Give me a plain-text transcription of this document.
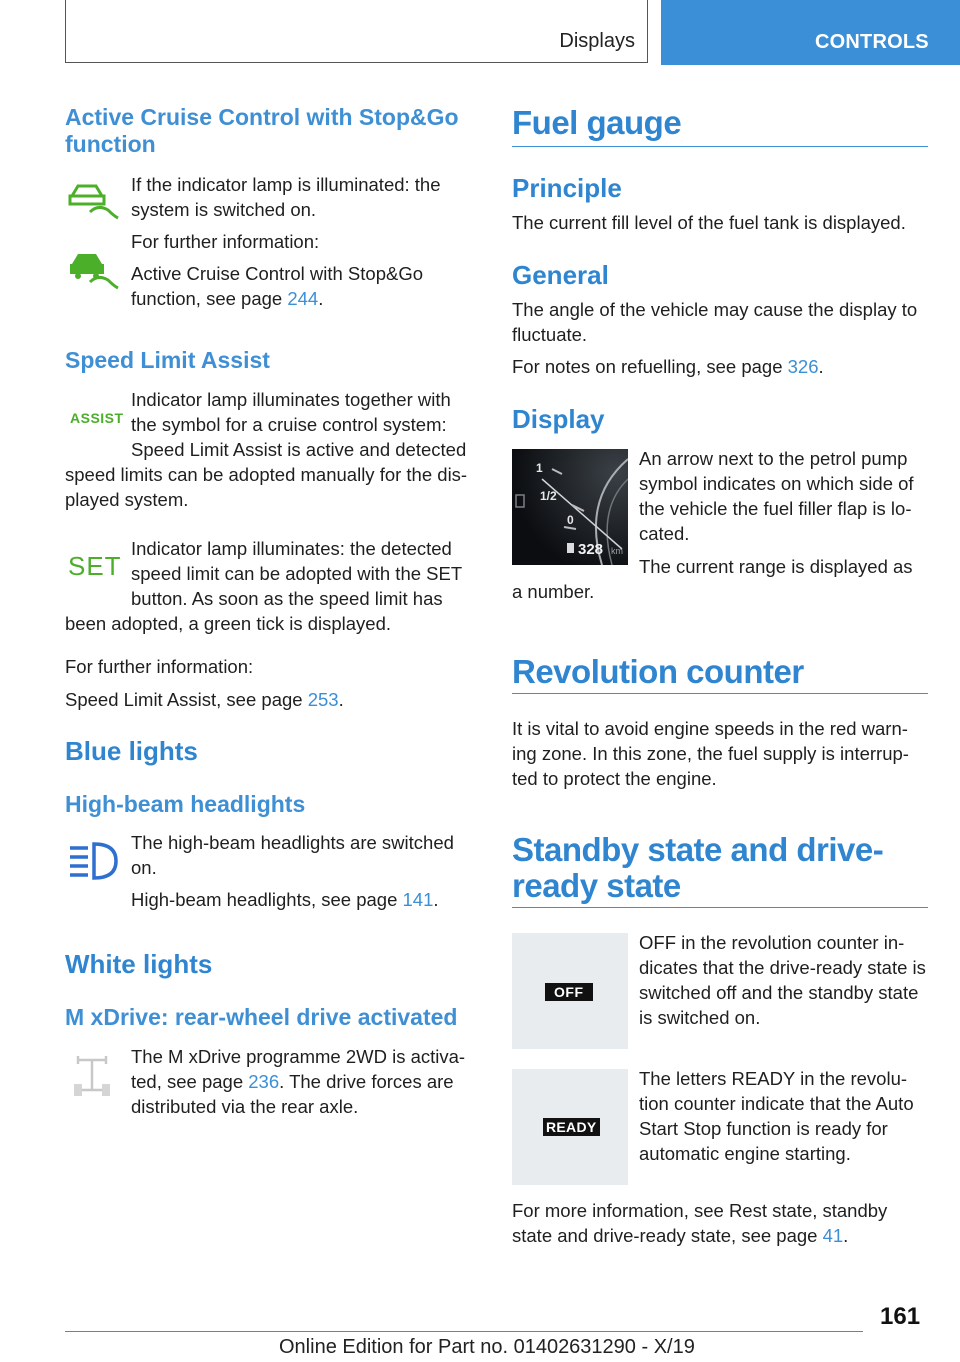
Displays	CONTROLS
Active Cruise Control with Stop&Go function
If the indicator lamp is illuminated: the system is switched on.
For further information:
Active Cruise Control with Stop&Go function, see page 244.
Speed Limit Assist
ASSIST
Indicator lamp illuminates together with
the symbol for a cruise control system:
Speed Limit Assist is active and detected
speed limits can be adopted manually for the dis-
played system.
SET
Indicator lamp illuminates: the detected
speed limit can be adopted with the SET
button. As soon as the speed limit has
been adopted, a green tick is displayed.
For further information:
Speed Limit Assist, see page 253.
Blue lights
High-beam headlights
The high-beam headlights are switched on.
High-beam headlights, see page 141.
White lights
M xDrive: rear-wheel drive activated
The M xDrive programme 2WD is activa-
ted, see page 236. The drive forces are
distributed via the rear axle.
Fuel gauge
Principle
The current fill level of the fuel tank is displayed.
General
The angle of the vehicle may cause the display to fluctuate.
For notes on refuelling, see page 326.
Display
1
1/2
0
328 km
An arrow next to the petrol pump
symbol indicates on which side of
the vehicle the fuel filler flap is lo-
cated.
The current range is displayed as
a number.
Revolution counter
It is vital to avoid engine speeds in the red warn- ing zone. In this zone, the fuel supply is interrup- ted to protect the engine.
Standby state and drive-
ready state
OFF
OFF in the revolution counter in- dicates that the drive-ready state is switched off and the standby state is switched on.
READY
The letters READY in the revolu- tion counter indicate that the Auto Start Stop function is ready for automatic engine starting.
For more information, see Rest state, standby state and drive-ready state, see page 41.
161
Online Edition for Part no. 01402631290 - X/19
